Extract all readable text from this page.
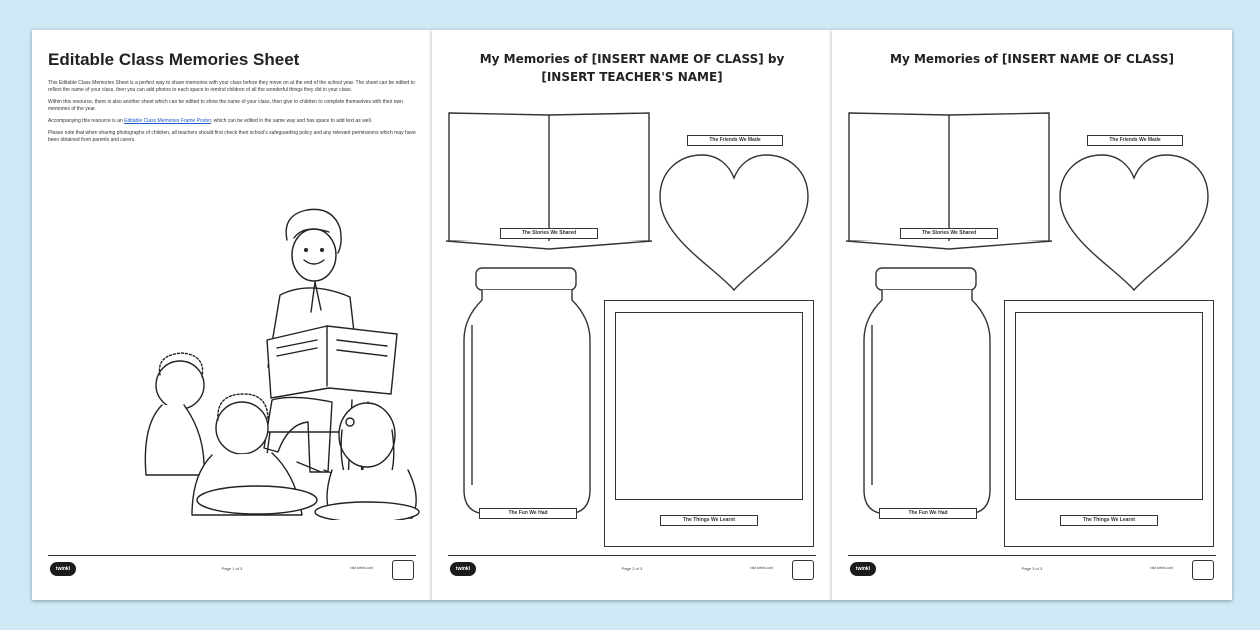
Editable Class Memories Sheet

This Editable Class Memories Sheet is a perfect way to share memories with your class before they move on at the end of the school year. The sheet can be edited to reflect the name of your class, then you can add photos to each space to remind children of all the wonderful things they did in your class.

Within this resource, there is also another sheet which can be edited to show the name of your class, then give to children to complete themselves with their own memories of the year.

Accompanying this resource is an Editable Class Memories Frame Poster, which can be edited in the same way and has space to add text as well.

Please note that when sharing photographs of children, all teachers should first check their school's safeguarding policy and any relevant permissions which may have been obtained from parents and carers.

twinkl	Page 1 of 3	visit twinkl.com
My Memories of [INSERT NAME OF CLASS] by
[INSERT TEACHER'S NAME]
The Stories We Shared
The Friends We Made
The Fun We Had
The Things We Learnt
twinkl	Page 2 of 3	visit twinkl.com
My Memories of [INSERT NAME OF CLASS]
The Stories We Shared
The Friends We Made
The Fun We Had
The Things We Learnt
twinkl	Page 3 of 3	visit twinkl.com
